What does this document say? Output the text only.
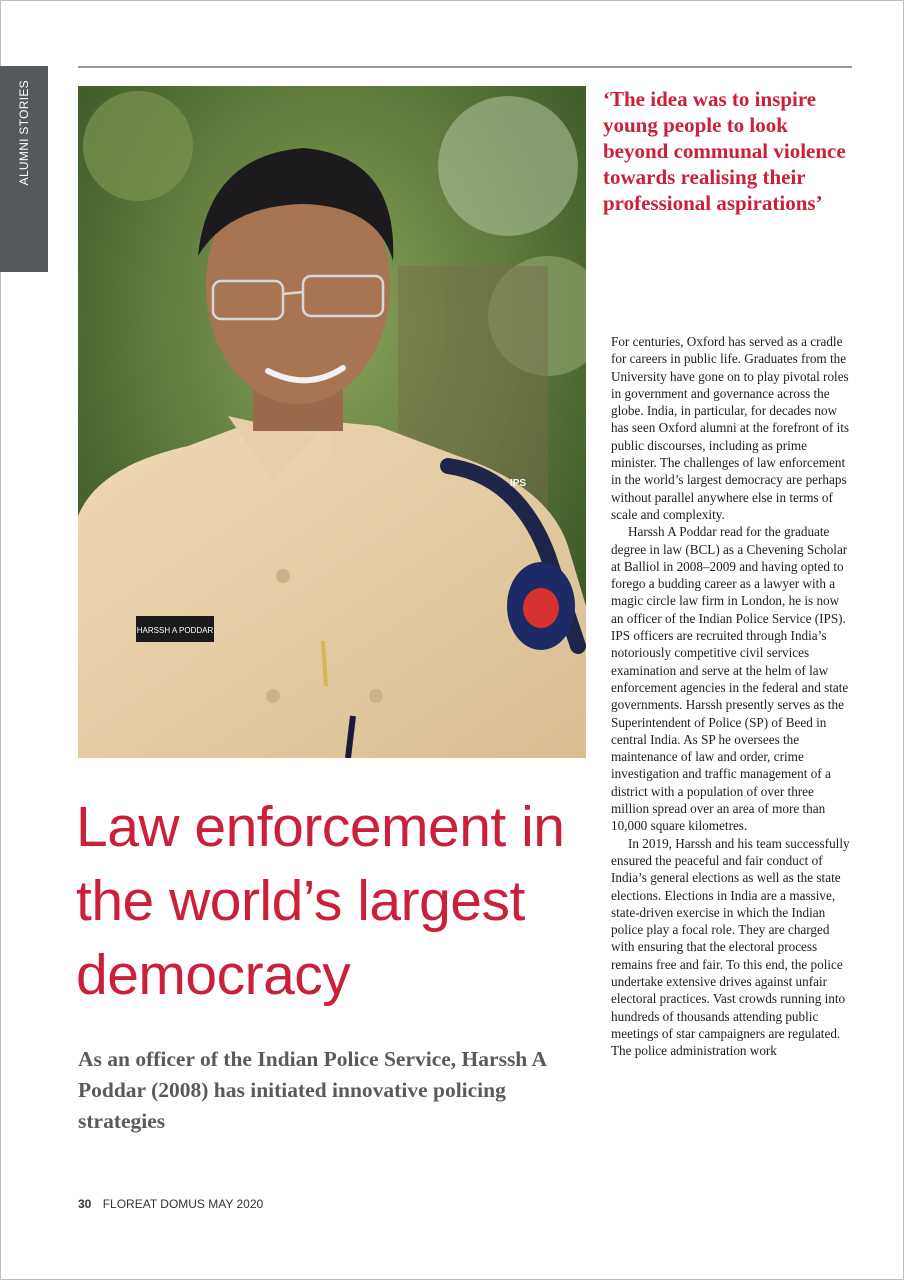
ALUMNI STORIES
HARSSH A PODDAR
IPS
‘The idea was to inspire young people to look beyond communal violence towards realising their professional aspirations’

For centuries, Oxford has served as a cradle for careers in public life. Graduates from the University have gone on to play pivotal roles in government and governance across the globe. India, in particular, for decades now has seen Oxford alumni at the forefront of its public discourses, including as prime minister. The challenges of law enforcement in the world’s largest democracy are perhaps without parallel anywhere else in terms of scale and complexity.

Harssh A Poddar read for the graduate degree in law (BCL) as a Chevening Scholar at Balliol in 2008–2009 and having opted to forego a budding career as a lawyer with a magic circle law firm in London, he is now an officer of the Indian Police Service (IPS). IPS officers are recruited through India’s notoriously competitive civil services examination and serve at the helm of law enforcement agencies in the federal and state governments. Harssh presently serves as the Superintendent of Police (SP) of Beed in central India. As SP he oversees the maintenance of law and order, crime investigation and traffic management of a district with a population of over three million spread over an area of more than 10,000 square kilometres.

In 2019, Harssh and his team successfully ensured the peaceful and fair conduct of India’s general elections as well as the state elections. Elections in India are a massive, state-driven exercise in which the Indian police play a focal role. They are charged with ensuring that the electoral process remains free and fair. To this end, the police undertake extensive drives against unfair electoral practices. Vast crowds running into hundreds of thousands attending public meetings of star campaigners are regulated. The police administration work

Law enforcement in the world’s largest democracy

As an officer of the Indian Police Service, Harssh A Poddar (2008) has initiated innovative policing strategies

30 FLOREAT DOMUS MAY 2020
